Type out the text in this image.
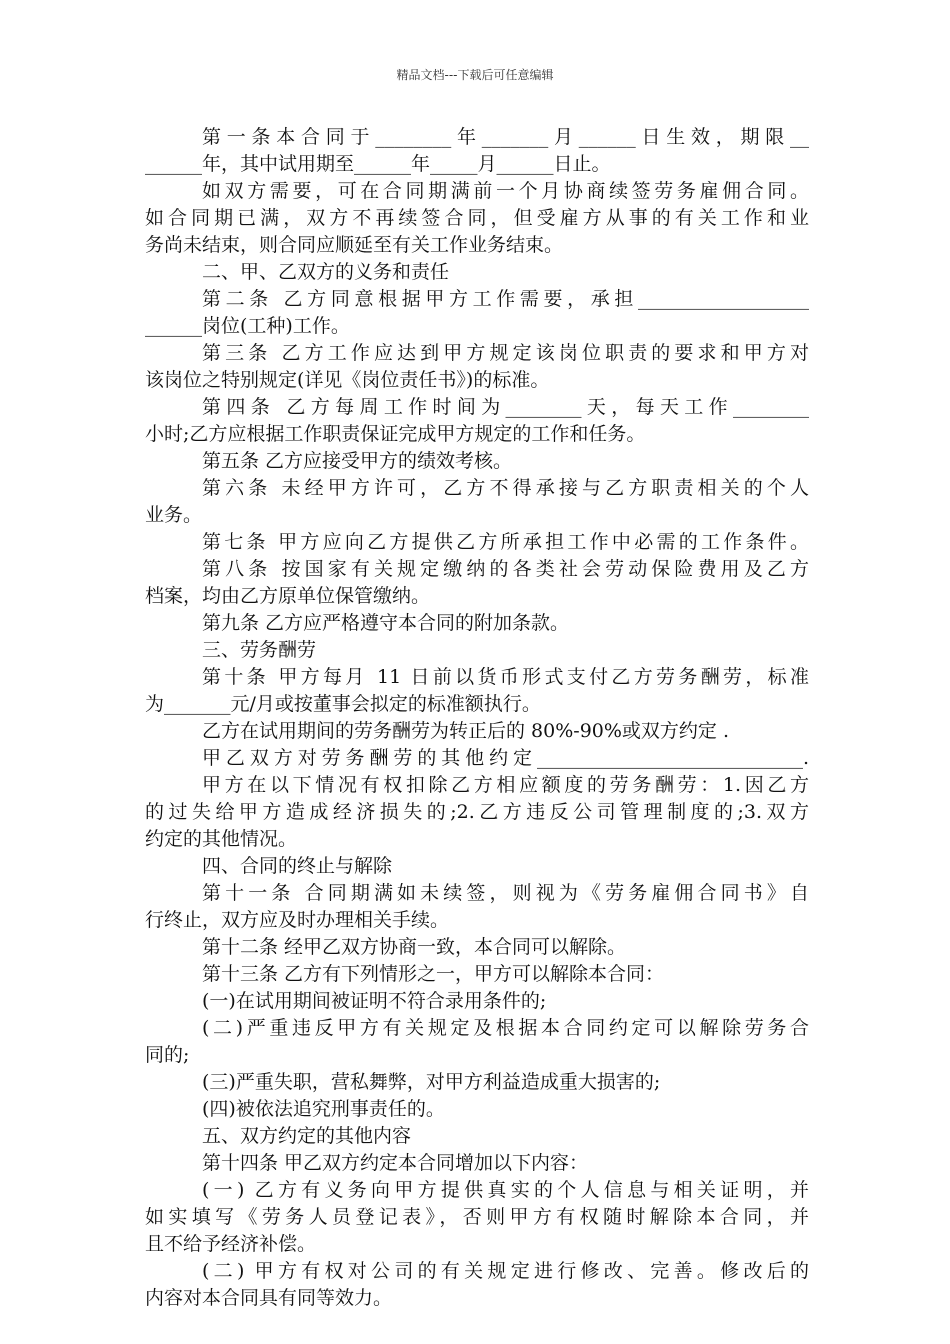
精品文档---下载后可任意编辑
第一条本合同于________年_______月______日生效，期限__
______年，其中试用期至______年_____月______日止。
如双方需要，可在合同期满前一个月协商续签劳务雇佣合同。
如合同期已满，双方不再续签合同，但受雇方从事的有关工作和业
务尚未结束，则合同应顺延至有关工作业务结束。
二、甲、乙双方的义务和责任
第二条 乙方同意根据甲方工作需要，承担__________________
______岗位(工种)工作。
第三条 乙方工作应达到甲方规定该岗位职责的要求和甲方对
该岗位之特别规定(详见《岗位责任书》)的标准。
第四条 乙方每周工作时间为________天，每天工作________
小时;乙方应根据工作职责保证完成甲方规定的工作和任务。
第五条 乙方应接受甲方的绩效考核。
第六条 未经甲方许可，乙方不得承接与乙方职责相关的个人
业务。
第七条 甲方应向乙方提供乙方所承担工作中必需的工作条件。
第八条 按国家有关规定缴纳的各类社会劳动保险费用及乙方
档案，均由乙方原单位保管缴纳。
第九条 乙方应严格遵守本合同的附加条款。
三、劳务酬劳
第十条 甲方每月 11 日前以货币形式支付乙方劳务酬劳，标准
为_______元/月或按董事会拟定的标准额执行。
乙方在试用期间的劳务酬劳为转正后的 80%-90%或双方约定 .
甲乙双方对劳务酬劳的其他约定____________________________.
甲方在以下情况有权扣除乙方相应额度的劳务酬劳：1.因乙方
的过失给甲方造成经济损失的;2.乙方违反公司管理制度的;3.双方
约定的其他情况。
四、合同的终止与解除
第十一条 合同期满如未续签，则视为《劳务雇佣合同书》自
行终止，双方应及时办理相关手续。
第十二条 经甲乙双方协商一致，本合同可以解除。
第十三条 乙方有下列情形之一，甲方可以解除本合同：
(一)在试用期间被证明不符合录用条件的;
(二)严重违反甲方有关规定及根据本合同约定可以解除劳务合
同的;
(三)严重失职，营私舞弊，对甲方利益造成重大损害的;
(四)被依法追究刑事责任的。
五、双方约定的其他内容
第十四条 甲乙双方约定本合同增加以下内容：
(一) 乙方有义务向甲方提供真实的个人信息与相关证明，并
如实填写《劳务人员登记表》，否则甲方有权随时解除本合同，并
且不给予经济补偿。
(二) 甲方有权对公司的有关规定进行修改、完善。修改后的
内容对本合同具有同等效力。
